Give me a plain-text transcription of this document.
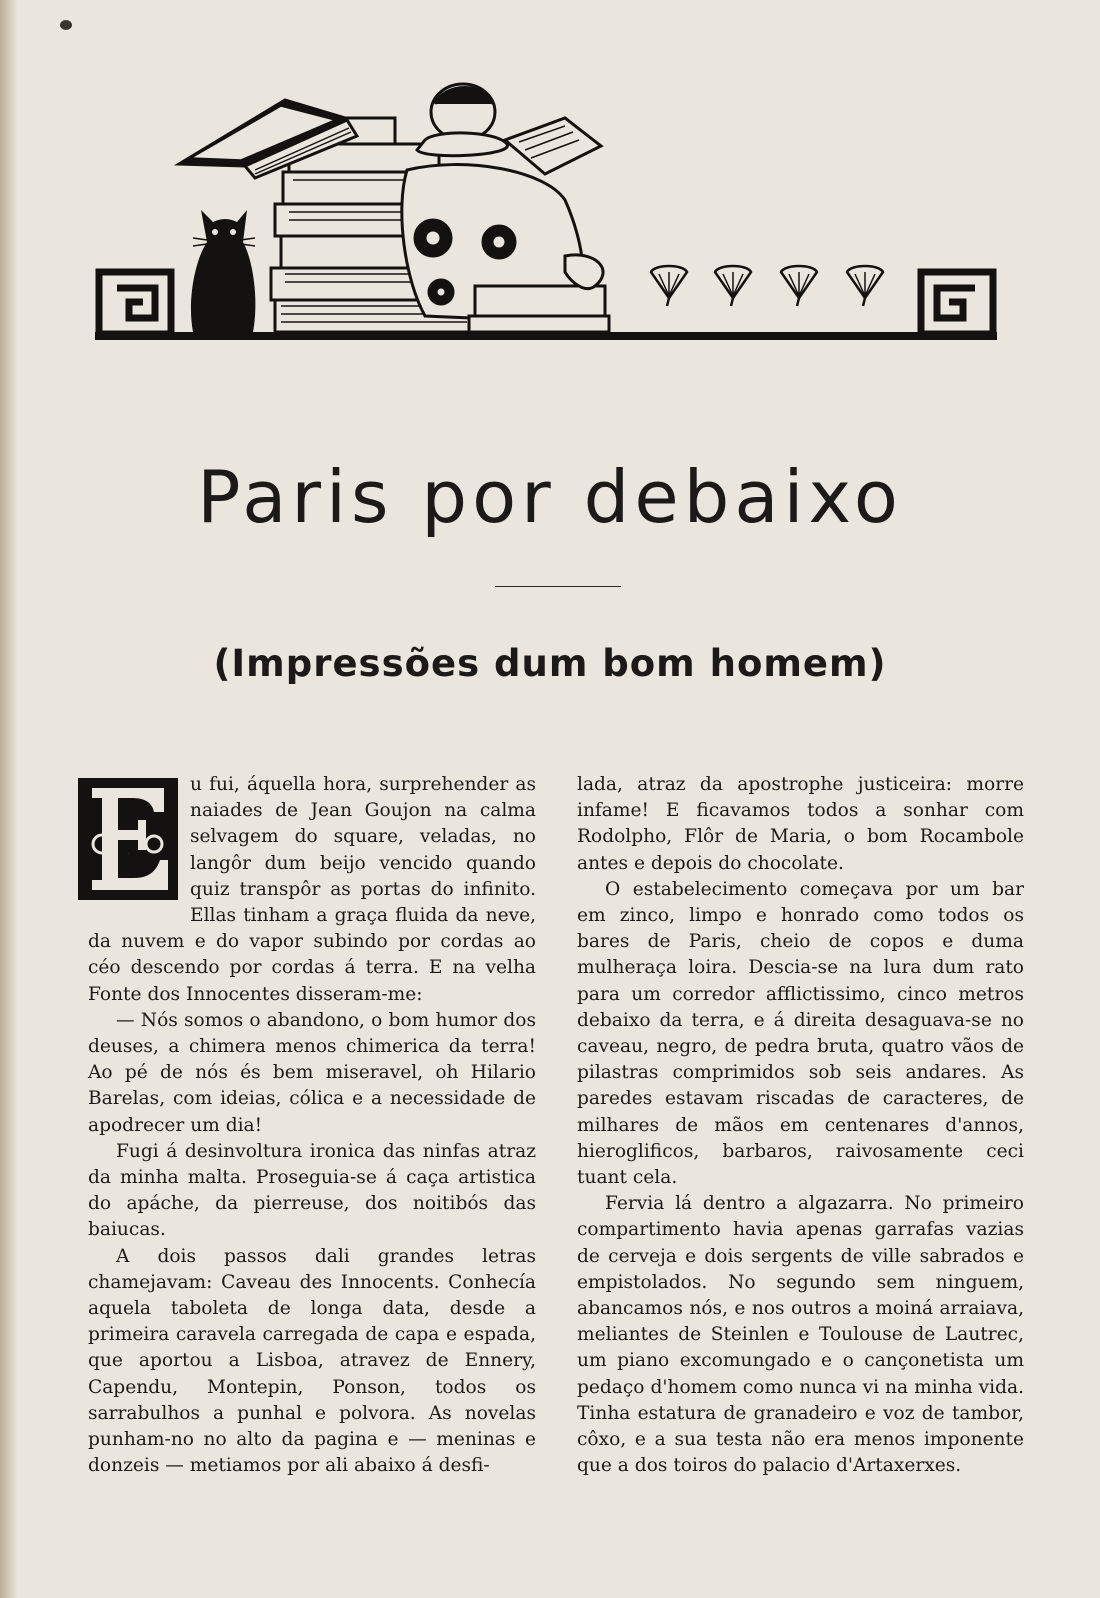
Paris por debaixo
(Impressões dum bom homem)
E

u fui, áquella hora, surprehender as naiades de Jean Goujon na calma selvagem do square, veladas, no langôr dum beijo vencido quando quiz transpôr as portas do infinito. Ellas tinham a graça fluida da neve, da nuvem e do vapor subindo por cordas ao céo descendo por cordas á terra. E na velha Fonte dos Innocentes disseram-me:

— Nós somos o abandono, o bom humor dos deuses, a chimera menos chimerica da terra! Ao pé de nós és bem miseravel, oh Hilario Barelas, com ideias, cólica e a necessidade de apodrecer um dia!

Fugi á desinvoltura ironica das ninfas atraz da minha malta. Proseguia-se á caça artistica do apáche, da pierreuse, dos noitibós das baiucas.

A dois passos dali grandes letras chamejavam: Caveau des Innocents. Conhecía aquela taboleta de longa data, desde a primeira caravela carregada de capa e espada, que aportou a Lisboa, atravez de Ennery, Capendu, Montepin, Ponson, todos os sarrabulhos a punhal e polvora. As novelas punham-no no alto da pagina e — meninas e donzeis — metiamos por ali abaixo á desfi-

lada, atraz da apostrophe justiceira: morre infame! E ficavamos todos a sonhar com Rodolpho, Flôr de Maria, o bom Rocambole antes e depois do chocolate.

O estabelecimento começava por um bar em zinco, limpo e honrado como todos os bares de Paris, cheio de copos e duma mulheraça loira. Descia-se na lura dum rato para um corredor afflictissimo, cinco metros debaixo da terra, e á direita desaguava-se no caveau, negro, de pedra bruta, quatro vãos de pilastras comprimidos sob seis andares. As paredes estavam riscadas de caracteres, de milhares de mãos em centenares d'annos, hieroglificos, barbaros, raivosamente ceci tuant cela.

Fervia lá dentro a algazarra. No primeiro compartimento havia apenas garrafas vazias de cerveja e dois sergents de ville sabrados e empistolados. No segundo sem ninguem, abancamos nós, e nos outros a moiná arraiava, meliantes de Steinlen e Toulouse de Lautrec, um piano excomungado e o cançonetista um pedaço d'homem como nunca vi na minha vida. Tinha estatura de granadeiro e voz de tambor, côxo, e a sua testa não era menos imponente que a dos toiros do palacio d'Artaxerxes.
